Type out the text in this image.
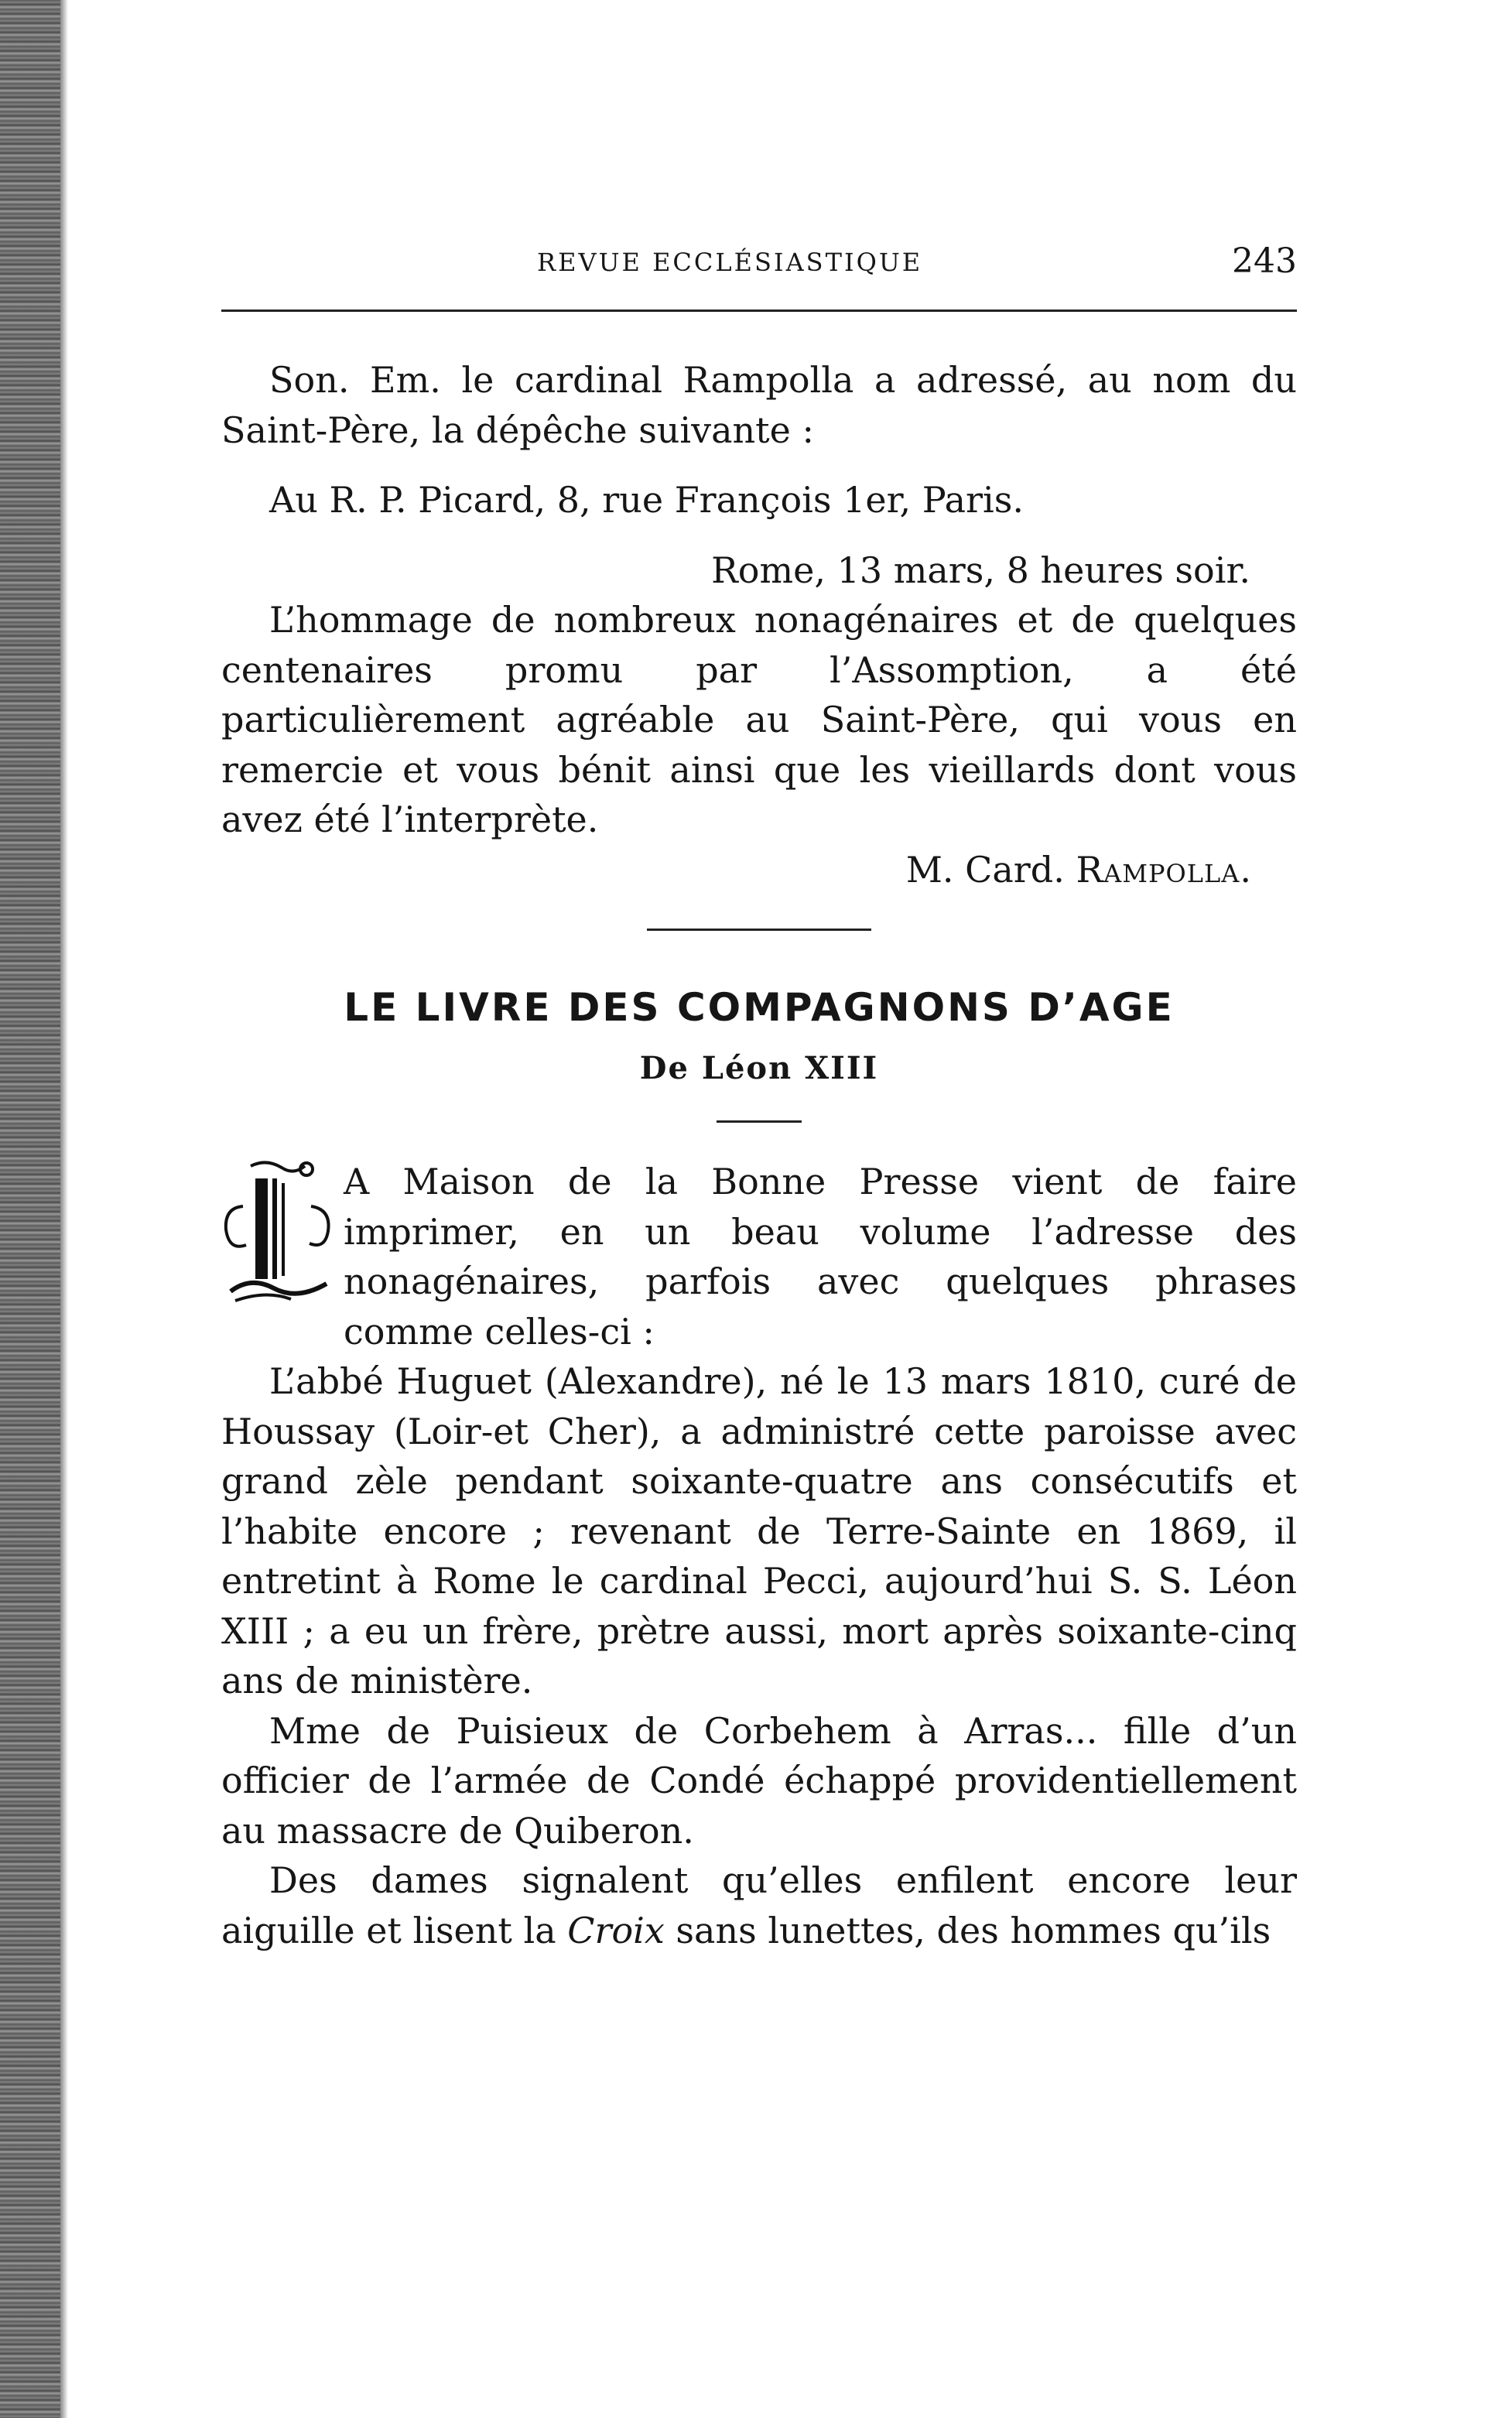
REVUE ECCLÉSIASTIQUE	243

Son. Em. le cardinal Rampolla a adressé, au nom du Saint-Père, la dépêche suivante :

Au R. P. Picard, 8, rue François 1er, Paris.

Rome, 13 mars, 8 heures soir.

L’hommage de nombreux nonagénaires et de quelques centenaires promu par l’Assomption, a été particulièrement agréable au Saint-Père, qui vous en remercie et vous bénit ainsi que les vieillards dont vous avez été l’interprète.

M. Card. Rampolla.

LE LIVRE DES COMPAGNONS D’AGE
De Léon XIII

A Maison de la Bonne Presse vient de faire imprimer, en un beau volume l’adresse des nonagénaires, parfois avec quelques phrases comme celles-ci :

L’abbé Huguet (Alexandre), né le 13 mars 1810, curé de Houssay (Loir-et Cher), a administré cette paroisse avec grand zèle pendant soixante-quatre ans consécutifs et l’habite encore ; revenant de Terre-Sainte en 1869, il entretint à Rome le cardinal Pecci, aujourd’hui S. S. Léon XIII ; a eu un frère, prètre aussi, mort après soixante-cinq ans de ministère.

Mme de Puisieux de Corbehem à Arras... fille d’un officier de l’armée de Condé échappé providentiellement au massacre de Quiberon.

Des dames signalent qu’elles enfilent encore leur aiguille et lisent la Croix sans lunettes, des hommes qu’ils
